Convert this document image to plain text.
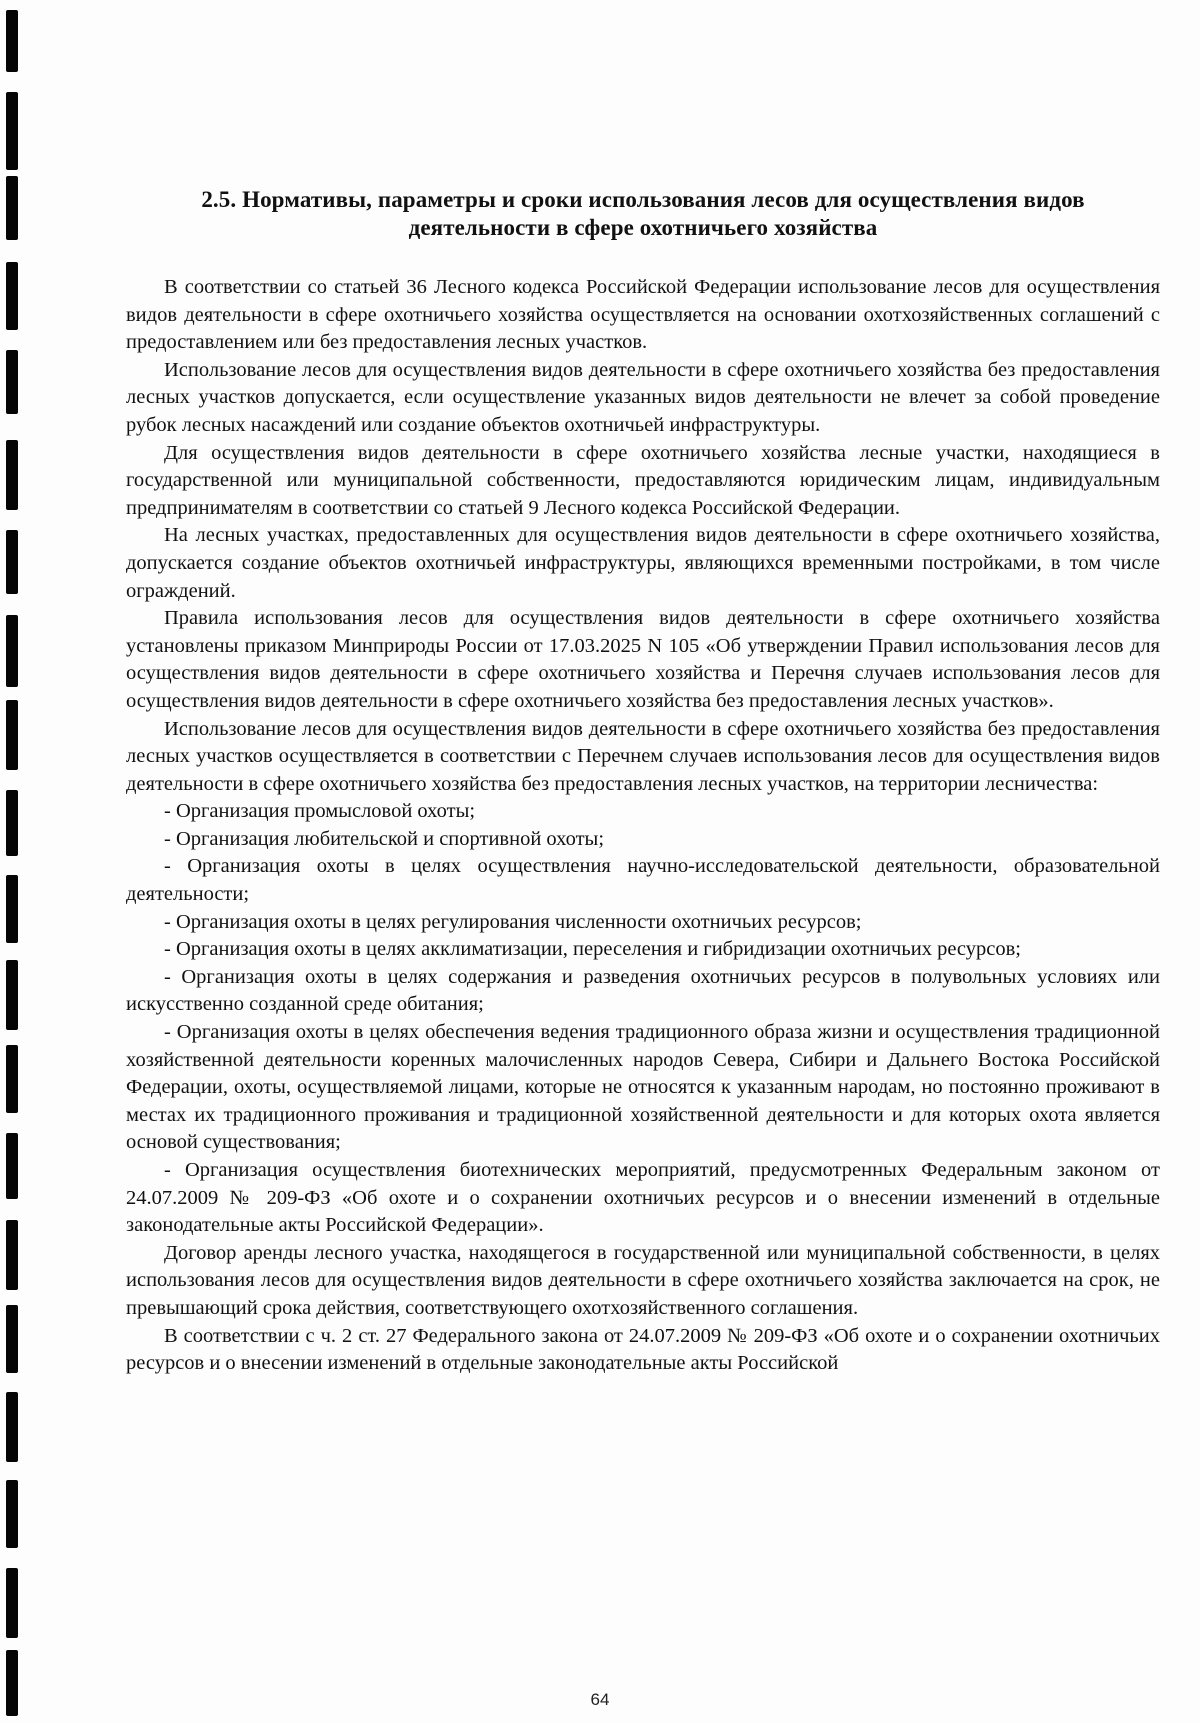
2.5. Нормативы, параметры и сроки использования лесов для осуществления видов
деятельности в сфере охотничьего хозяйства

В соответствии со статьей 36 Лесного кодекса Российской Федерации использование лесов для осуществления видов деятельности в сфере охотничьего хозяйства осуществляется на основании охотхозяйственных соглашений с предоставлением или без предоставления лесных участков.

Использование лесов для осуществления видов деятельности в сфере охотничьего хозяйства без предоставления лесных участков допускается, если осуществление указанных видов деятельности не влечет за собой проведение рубок лесных насаждений или создание объектов охотничьей инфраструктуры.

Для осуществления видов деятельности в сфере охотничьего хозяйства лесные участки, находящиеся в государственной или муниципальной собственности, предоставляются юридическим лицам, индивидуальным предпринимателям в соответствии со статьей 9 Лесного кодекса Российской Федерации.

На лесных участках, предоставленных для осуществления видов деятельности в сфере охотничьего хозяйства, допускается создание объектов охотничьей инфраструктуры, являющихся временными постройками, в том числе ограждений.

Правила использования лесов для осуществления видов деятельности в сфере охотничьего хозяйства установлены приказом Минприроды России от 17.03.2025 N 105 «Об утверждении Правил использования лесов для осуществления видов деятельности в сфере охотничьего хозяйства и Перечня случаев использования лесов для осуществления видов деятельности в сфере охотничьего хозяйства без предоставления лесных участков».

Использование лесов для осуществления видов деятельности в сфере охотничьего хозяйства без предоставления лесных участков осуществляется в соответствии с Перечнем случаев использования лесов для осуществления видов деятельности в сфере охотничьего хозяйства без предоставления лесных участков, на территории лесничества:

- Организация промысловой охоты;

- Организация любительской и спортивной охоты;

- Организация охоты в целях осуществления научно-исследовательской деятельности, образовательной деятельности;

- Организация охоты в целях регулирования численности охотничьих ресурсов;

- Организация охоты в целях акклиматизации, переселения и гибридизации охотничьих ресурсов;

- Организация охоты в целях содержания и разведения охотничьих ресурсов в полувольных условиях или искусственно созданной среде обитания;

- Организация охоты в целях обеспечения ведения традиционного образа жизни и осуществления традиционной хозяйственной деятельности коренных малочисленных народов Севера, Сибири и Дальнего Востока Российской Федерации, охоты, осуществляемой лицами, которые не относятся к указанным народам, но постоянно проживают в местах их традиционного проживания и традиционной хозяйственной деятельности и для которых охота является основой существования;

- Организация осуществления биотехнических мероприятий, предусмотренных Федеральным законом от 24.07.2009 № 209-ФЗ «Об охоте и о сохранении охотничьих ресурсов и о внесении изменений в отдельные законодательные акты Российской Федерации».

Договор аренды лесного участка, находящегося в государственной или муниципальной собственности, в целях использования лесов для осуществления видов деятельности в сфере охотничьего хозяйства заключается на срок, не превышающий срока действия, соответствующего охотхозяйственного соглашения.

В соответствии с ч. 2 ст. 27 Федерального закона от 24.07.2009 № 209-ФЗ «Об охоте и о сохранении охотничьих ресурсов и о внесении изменений в отдельные законодательные акты Российской

64
